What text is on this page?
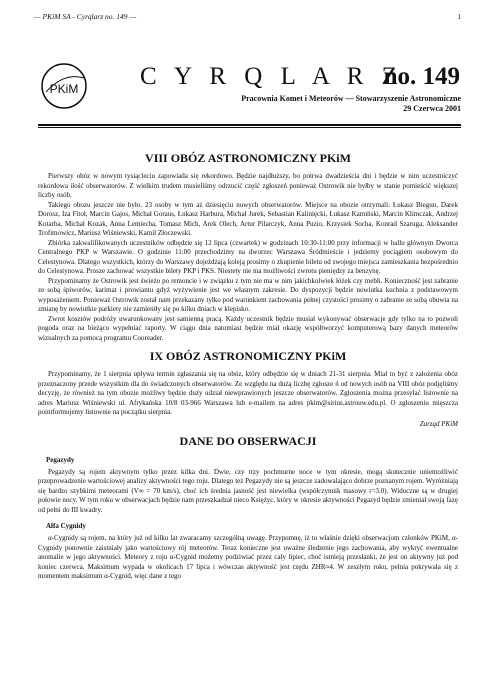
— PKiM SA - Cyrqlarz no. 149 —	1
PKiM C Y R Q L A R Z
no. 149
Pracownia Komet i Meteorów — Stowarzyszenie Astronomiczne
29 Czerwca 2001
VIII OBÓZ ASTRONOMICZNY PKiM

Pierwszy obóz w nowym tysiącleciu zapowiada się rekordowo. Będzie najdłuższy, bo potrwa dwadzieścia dni i będzie w nim uczestniczyć rekordowa ilość obserwatorów. Z wielkim trudem musieliśmy odrzucić część zgłoszeń ponieważ Ostrowik nie byłby w stanie pomieścić większej liczby osób.

Takiego obozu jeszcze nie było. 23 osoby w tym aż dziesięciu nowych obserwatorów. Miejsce na obozie otrzymali: Łukasz Biegun, Darek Dorosz, Iza Fitoł, Marcin Gajos, Michał Goraus, Łukasz Harbura, Michał Jurek, Sebastian Kalinięcki, Łukasz Kamiński, Marcin Klimczak, Andrzej Kotarba, Michał Kozak, Anna Lemiecha, Tomasz Mich, Arek Olech, Artur Pilarczyk, Anna Puzio, Krzysiek Socha, Konrad Szaruga, Aleksander Trofimowicz, Mariusz Wiśniewski, Kamil Złoczewski.

Zbiórka zakwalifikowanych uczestników odbędzie się 12 lipca (czwartek) w godzinach 10:30-11:00 przy informacji w hallu głównym Dworca Centralnego PKP w Warszawie. O godzinie 11:00 przechodzimy na dworzec Warszawa Śródmieście i jedziemy pociągiem osobowym do Celestynowa. Dlatego wszystkich, którzy do Warszawy dojeżdżają koleją prosimy o zkupienie biletu od swojego miejsca zamieszkania bezpośrednio do Celestynowa. Prosze zachować wszystkie bilety PKP i PKS. Niestety nie ma możliwości zwrotu pieniędzy za benzynę.

Przypominamy że Ostrowik jest świeżo po remoncie i w związku z tym nie ma w nim jakichkolwiek łóżek czy mebli. Konieczność jest zabranie ze sobą śpiworów, karimat i prowiantu gdyż wyżywienie jest we własnym zakresie. Do dyspozycji będzie nowiutka kuchnia z podstawowym wyposażeniem. Ponieważ Ostrowik został nam przekazany tylko pod warunkiem zachowania pełnej czystości prosimy o zabranie ze sobą obuwia na zmianę by nowiutkie parkiety nie zamieniły się po kilku dniach w klepisko.

Zwrot kosztów podróży uwarunkowany jest samienną pracą. Każdy uczestnik będzie musiał wykonywać obserwacje gdy tylko na to pozwoli pogoda oraz na bieżąco wypełniać raporty. W ciągu dnia natomiast będzie miał okazję współtworzyć komputerową bazy danych meteorów wizualnych za pomocą programu Cooreader.

IX OBÓZ ASTRONOMICZNY PKiM

Przypominamy, że 1 sierpnia upływa termin zgłaszania się na obóz, który odbędzie się w dniach 21-31 sierpnia. Miał to być z założenia obóz przeznaczony przede wszystkim dla do świadczonych obserwatorów. Ze względu na dużą liczbę zgłosze ń od nowych osób na VIII obóz podjęliśmy decyzję, że również na tym obozie możliwy będzie duży udział niewprawionych jeszcze obserwatorów. Zgłoszenia można przesyłać listownie na adres Mariusz Wiśniewski ul. Afrykańska 10/8 03-966 Warszawa lub e-mailem na adres pkim@sirius.astrouw.edu.pl. O zgłoszeniu mięszcza pointformujemy listownie na początku sierpnia.

Zarząd PKiM
DANE DO OBSERWACJI
Pegazydy

Pegazydy są rojem aktywnym tylko przez kilka dni. Dwie, czy trzy pochmurne noce w tym okresie, mogą skutecznie uniemożliwić przeprowadzenie wartościowej analizy aktywności tego roju. Dlatego też Pegazydy nie są jeszcze zadowalająco dobrze poznanym rojem. Wyróżniają się bardzo szybkimi meteorami (V∞ = 70 km/s), choć ich średnia jasność jest niewielka (współczynnik masowy r=3.0). Widoczne są w drugiej połowie nocy. W tym roku w obserwacjach będzie nam przeszkadzał nieco Księżyc, który w okresie aktywności Pegazyd będzie zmieniał swoją fazę od pełni do III kwadry.

Alfa Cygnidy

α-Cygnidy są rojem, na który już od kilku lat zwaracamy szczególną uwagę. Przypomnę, iż to właśnie dzięki obserwacjom członków PKiM, α-Cygnidy ponownie zaistniały jako wartościowy rój meteorów. Teraz konieczne jest uważne śledzenie jego zachowania, aby wykryć ewentualne anomalie w jego aktywności. Meteory z roju α-Cygnid możemy podziwiać przez cały lipiec, choć istnieją przesłanki, że jest on aktywny już pod koniec czerwca. Maksimum wypada w okolicach 17 lipca i wówczas aktywność jest rzędu ZHR≈4. W zeszłym roku, pełnia pokrywała się z momentem maksimum α-Cygnid, więc dane z tego
